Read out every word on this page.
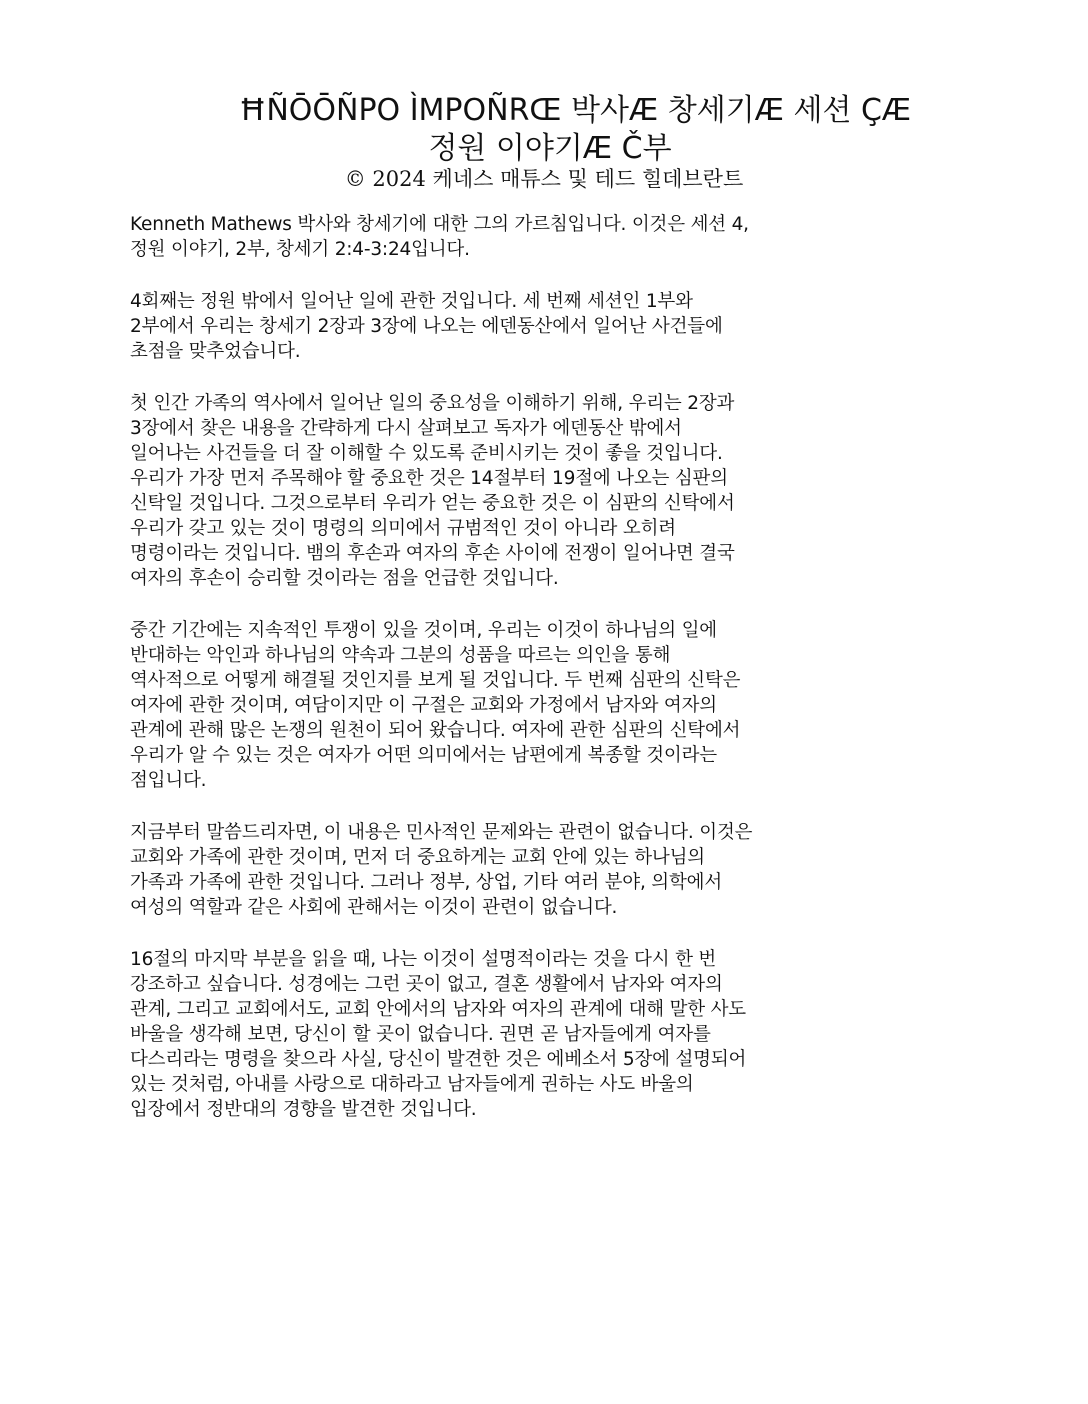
ĦÑŌŌÑPO ÌMPOÑRŒ 박사Æ 창세기Æ 세션 ÇÆ
정원 이야기Æ Č부
© 2024 케네스 매튜스 및 테드 힐데브란트
Kenneth Mathews 박사와 창세기에 대한 그의 가르침입니다. 이것은 세션 4,
정원 이야기, 2부, 창세기 2:4-3:24입니다.
4회째는 정원 밖에서 일어난 일에 관한 것입니다. 세 번째 세션인 1부와
2부에서 우리는 창세기 2장과 3장에 나오는 에덴동산에서 일어난 사건들에
초점을 맞추었습니다.
첫 인간 가족의 역사에서 일어난 일의 중요성을 이해하기 위해, 우리는 2장과
3장에서 찾은 내용을 간략하게 다시 살펴보고 독자가 에덴동산 밖에서
일어나는 사건들을 더 잘 이해할 수 있도록 준비시키는 것이 좋을 것입니다.
우리가 가장 먼저 주목해야 할 중요한 것은 14절부터 19절에 나오는 심판의
신탁일 것입니다. 그것으로부터 우리가 얻는 중요한 것은 이 심판의 신탁에서
우리가 갖고 있는 것이 명령의 의미에서 규범적인 것이 아니라 오히려
명령이라는 것입니다. 뱀의 후손과 여자의 후손 사이에 전쟁이 일어나면 결국
여자의 후손이 승리할 것이라는 점을 언급한 것입니다.
중간 기간에는 지속적인 투쟁이 있을 것이며, 우리는 이것이 하나님의 일에
반대하는 악인과 하나님의 약속과 그분의 성품을 따르는 의인을 통해
역사적으로 어떻게 해결될 것인지를 보게 될 것입니다. 두 번째 심판의 신탁은
여자에 관한 것이며, 여담이지만 이 구절은 교회와 가정에서 남자와 여자의
관계에 관해 많은 논쟁의 원천이 되어 왔습니다. 여자에 관한 심판의 신탁에서
우리가 알 수 있는 것은 여자가 어떤 의미에서는 남편에게 복종할 것이라는
점입니다.
지금부터 말씀드리자면, 이 내용은 민사적인 문제와는 관련이 없습니다. 이것은
교회와 가족에 관한 것이며, 먼저 더 중요하게는 교회 안에 있는 하나님의
가족과 가족에 관한 것입니다. 그러나 정부, 상업, 기타 여러 분야, 의학에서
여성의 역할과 같은 사회에 관해서는 이것이 관련이 없습니다.
16절의 마지막 부분을 읽을 때, 나는 이것이 설명적이라는 것을 다시 한 번
강조하고 싶습니다. 성경에는 그런 곳이 없고, 결혼 생활에서 남자와 여자의
관계, 그리고 교회에서도, 교회 안에서의 남자와 여자의 관계에 대해 말한 사도
바울을 생각해 보면, 당신이 할 곳이 없습니다. 권면 곧 남자들에게 여자를
다스리라는 명령을 찾으라 사실, 당신이 발견한 것은 에베소서 5장에 설명되어
있는 것처럼, 아내를 사랑으로 대하라고 남자들에게 권하는 사도 바울의
입장에서 정반대의 경향을 발견한 것입니다.
